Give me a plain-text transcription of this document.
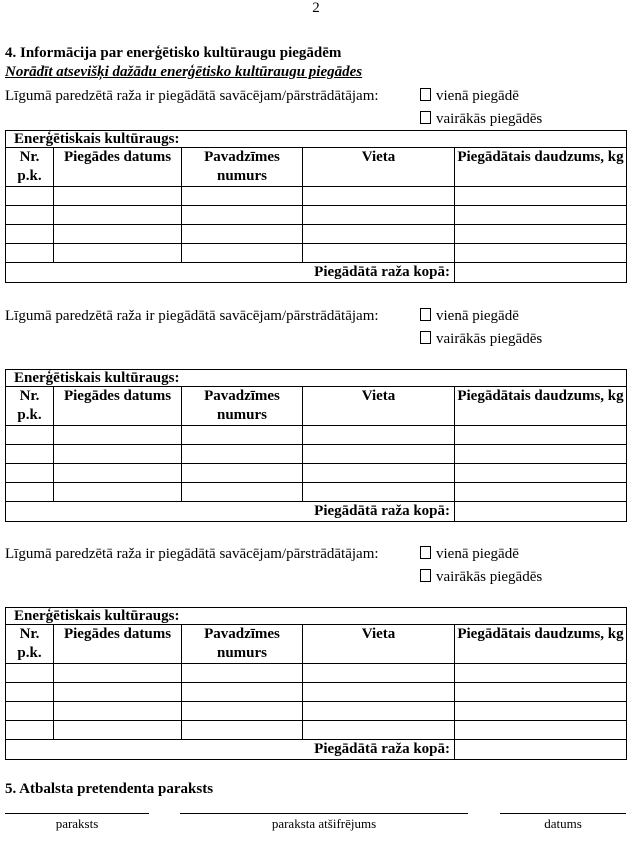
2
4. Informācija par enerģētisko kultūraugu piegādēm
Norādīt atsevišķi dažādu enerģētisko kultūraugu piegādes
Līgumā paredzētā raža ir piegādātā savācējam/pārstrādātājam:	vienā piegādē
vairākās piegādēs
Enerģētiskais kultūraugs:				
Nr. p.k.	Piegādes datums	Pavadzīmes numurs	Vieta	Piegādātais daudzums, kg

Piegādātā raža kopā:				
Līgumā paredzētā raža ir piegādātā savācējam/pārstrādātājam:	vienā piegādē
vairākās piegādēs
Enerģētiskais kultūraugs:				
Nr. p.k.	Piegādes datums	Pavadzīmes numurs	Vieta	Piegādātais daudzums, kg

Piegādātā raža kopā:				
Līgumā paredzētā raža ir piegādātā savācējam/pārstrādātājam:	vienā piegādē
vairākās piegādēs
Enerģētiskais kultūraugs:				
Nr. p.k.	Piegādes datums	Pavadzīmes numurs	Vieta	Piegādātais daudzums, kg

Piegādātā raža kopā:				
5. Atbalsta pretendenta paraksts
paraksts	paraksta atšifrējums	datums
